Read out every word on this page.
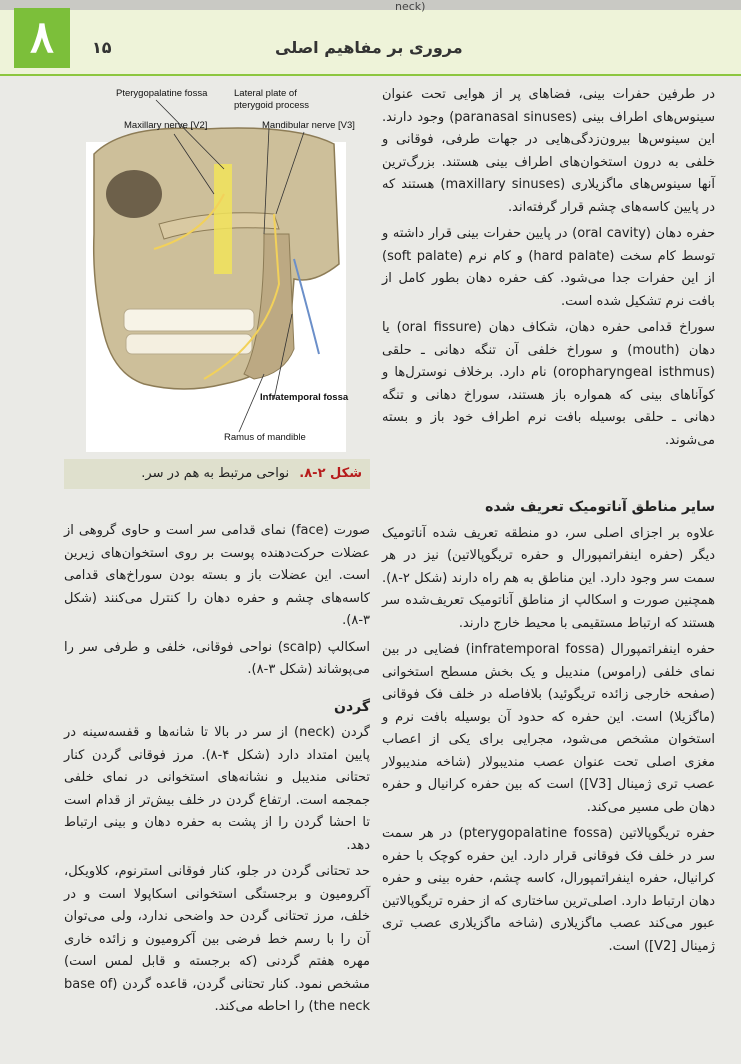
neck)
٨	۱۵	مروری بر مفاهیم اصلی
Pterygopalatine fossa	Lateral plate of
pterygoid process
Maxillary nerve [V2]	Mandibular nerve [V3]
Infratemporal fossa
Ramus of mandible
شکل ۲-۸. نواحی مرتبط به هم در سر.

در طرفین حفرات بینی، فضاهای پر از هوایی تحت عنوان سینوس‌های اطراف بینی (paranasal sinuses) وجود دارند. این سینوس‌ها بیرون‌زدگی‌هایی در جهات طرفی، فوقانی و خلفی به درون استخوان‌های اطراف بینی هستند. بزرگ‌ترین آنها سینوس‌های ماگزیلاری (maxillary sinuses) هستند که در پایین کاسه‌های چشم قرار گرفته‌اند.

حفره دهان (oral cavity) در پایین حفرات بینی قرار داشته و توسط کام سخت (hard palate) و کام نرم (soft palate) از این حفرات جدا می‌شود. کف حفره دهان بطور کامل از بافت نرم تشکیل شده است.

سوراخ قدامی حفره دهان، شکاف دهان (oral fissure) یا دهان (mouth) و سوراخ خلفی آن تنگه دهانی ـ حلقی (oropharyngeal isthmus) نام دارد. برخلاف نوسترل‌ها و کوآناهای بینی که همواره باز هستند، سوراخ دهانی و تنگه دهانی ـ حلقی بوسیله بافت نرم اطراف خود باز و بسته می‌شوند.

سایر مناطق آناتومیک تعریف شده

علاوه بر اجزای اصلی سر، دو منطقه تعریف شده آناتومیک دیگر (حفره اینفراتمپورال و حفره تریگوپالاتین) نیز در هر سمت سر وجود دارد. این مناطق به هم راه دارند (شکل ۲-۸). همچنین صورت و اسکالپ از مناطق آناتومیک تعریف‌شده سر هستند که ارتباط مستقیمی با محیط خارج دارند.

حفره اینفراتمپورال (infratemporal fossa) فضایی در بین نمای خلفی (راموس) مندیبل و یک بخش مسطح استخوانی (صفحه خارجی زائده تریگوئید) بلافاصله در خلف فک فوقانی (ماگزیلا) است. این حفره که حدود آن بوسیله بافت نرم و استخوان مشخص می‌شود، مجرایی برای یکی از اعصاب مغزی اصلی تحت عنوان عصب مندیبولار (شاخه مندیبولار عصب تری ژمینال [V3]) است که بین حفره کرانیال و حفره دهان طی مسیر می‌کند.

حفره تریگوپالاتین (pterygopalatine fossa) در هر سمت سر در خلف فک فوقانی قرار دارد. این حفره کوچک با حفره کرانیال، حفره اینفراتمپورال، کاسه چشم، حفره بینی و حفره دهان ارتباط دارد. اصلی‌ترین ساختاری که از حفره تریگوپالاتین عبور می‌کند عصب ماگزیلاری (شاخه ماگزیلاری عصب تری ژمینال [V2]) است.

صورت (face) نمای قدامی سر است و حاوی گروهی از عضلات حرکت‌دهنده پوست بر روی استخوان‌های زیرین است. این عضلات باز و بسته بودن سوراخ‌های قدامی کاسه‌های چشم و حفره دهان را کنترل می‌کنند (شکل ۳-۸).

اسکالپ (scalp) نواحی فوقانی، خلفی و طرفی سر را می‌پوشاند (شکل ۳-۸).

گردن

گردن (neck) از سر در بالا تا شانه‌ها و قفسه‌سینه در پایین امتداد دارد (شکل ۴-۸). مرز فوقانی گردن کنار تحتانی مندیبل و نشانه‌های استخوانی در نمای خلفی جمجمه است. ارتفاع گردن در خلف بیش‌تر از قدام است تا احشا گردن را از پشت به حفره دهان و بینی ارتباط دهد.

حد تحتانی گردن در جلو، کنار فوقانی استرنوم، کلاویکل، آکرومیون و برجستگی استخوانی اسکاپولا است و در خلف، مرز تحتانی گردن حد واضحی ندارد، ولی می‌توان آن را با رسم خط فرضی بین آکرومیون و زائده خاری مهره هفتم گردنی (که برجسته و قابل لمس است) مشخص نمود. کنار تحتانی گردن، قاعده گردن (base of the neck) را احاطه می‌کند.
